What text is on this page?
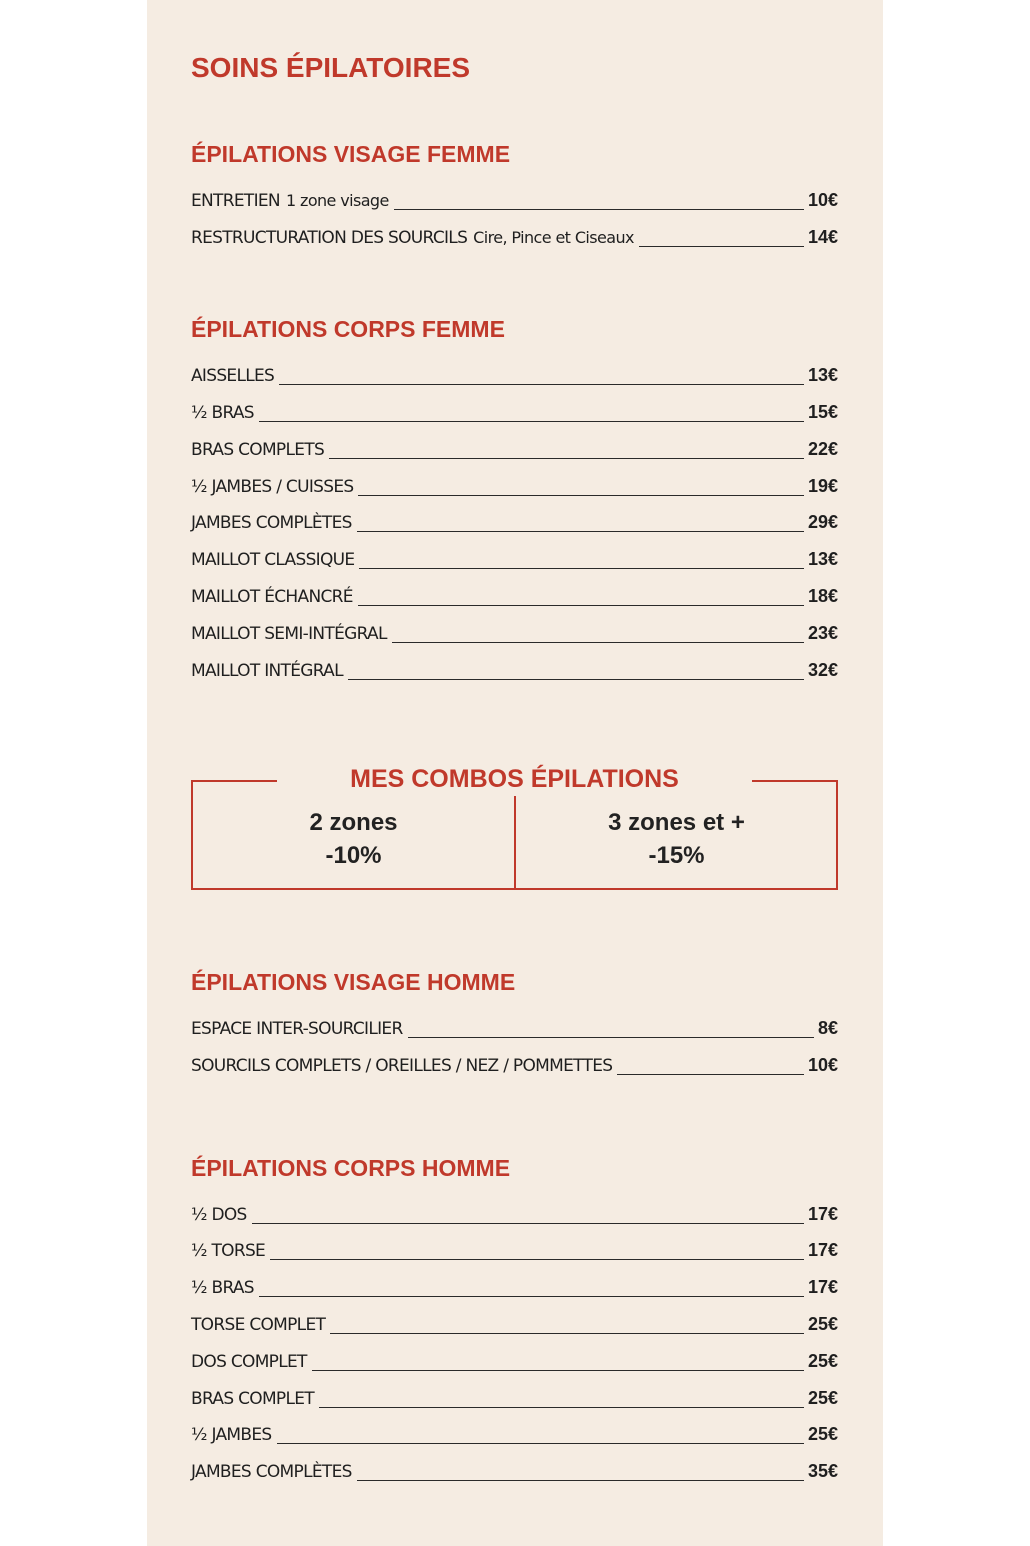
SOINS ÉPILATOIRES
ÉPILATIONS VISAGE FEMME
ENTRETIEN 1 zone visage	10€
RESTRUCTURATION DES SOURCILS Cire, Pince et Ciseaux	14€
ÉPILATIONS CORPS FEMME
AISSELLES	13€
½ BRAS	15€
BRAS COMPLETS	22€
½ JAMBES / CUISSES	19€
JAMBES COMPLÈTES	29€
MAILLOT CLASSIQUE	13€
MAILLOT ÉCHANCRÉ	18€
MAILLOT SEMI-INTÉGRAL	23€
MAILLOT INTÉGRAL	32€
2 zones
-10%
3 zones et +
-15%
MES COMBOS ÉPILATIONS
ÉPILATIONS VISAGE HOMME
ESPACE INTER-SOURCILIER	8€
SOURCILS COMPLETS / OREILLES / NEZ / POMMETTES	10€
ÉPILATIONS CORPS HOMME
½ DOS	17€
½ TORSE	17€
½ BRAS	17€
TORSE COMPLET	25€
DOS COMPLET	25€
BRAS COMPLET	25€
½ JAMBES	25€
JAMBES COMPLÈTES	35€
